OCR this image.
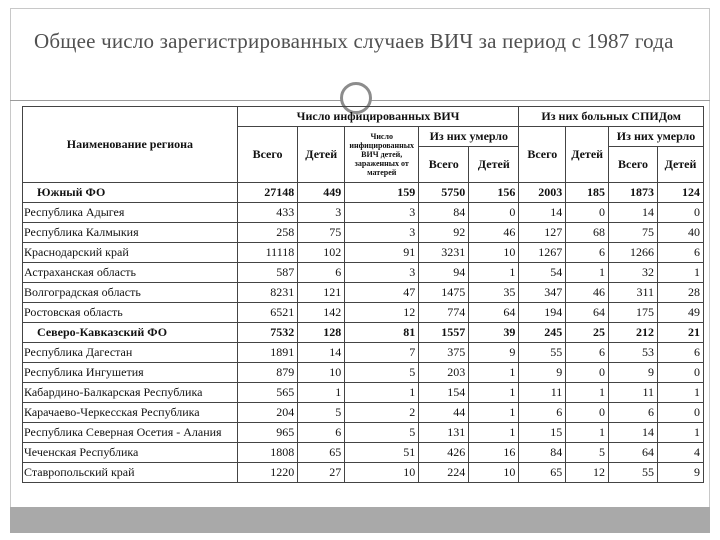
Общее число зарегистрированных случаев ВИЧ за период с 1987 года
Наименование региона	Число инфицированных ВИЧ					Из них больных СПИДом			
	Всего	Детей	Число инфицированных ВИЧ детей, зараженных от матерей	Из них умерло		Всего	Детей	Из них умерло	
				Всего	Детей			Всего	Детей
Южный ФО	27148	449	159	5750	156	2003	185	1873	124
Республика Адыгея	433	3	3	84	0	14	0	14	0
Республика Калмыкия	258	75	3	92	46	127	68	75	40
Краснодарский край	11118	102	91	3231	10	1267	6	1266	6
Астраханская область	587	6	3	94	1	54	1	32	1
Волгоградская область	8231	121	47	1475	35	347	46	311	28
Ростовская область	6521	142	12	774	64	194	64	175	49
Северо-Кавказский ФО	7532	128	81	1557	39	245	25	212	21
Республика Дагестан	1891	14	7	375	9	55	6	53	6
Республика Ингушетия	879	10	5	203	1	9	0	9	0
Кабардино-Балкарская Республика	565	1	1	154	1	11	1	11	1
Карачаево-Черкесская Республика	204	5	2	44	1	6	0	6	0
Республика Северная Осетия - Алания	965	6	5	131	1	15	1	14	1
Чеченская Республика	1808	65	51	426	16	84	5	64	4
Ставропольский край	1220	27	10	224	10	65	12	55	9
